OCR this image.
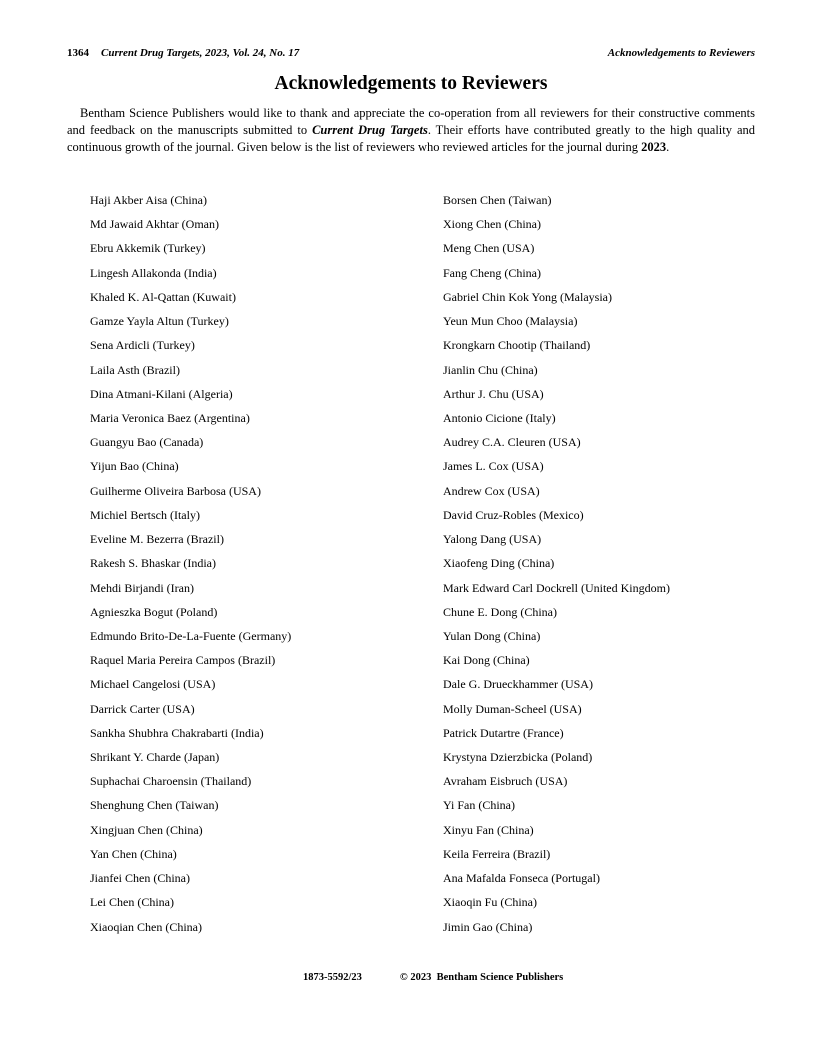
1364 Current Drug Targets, 2023, Vol. 24, No. 17	Acknowledgements to Reviewers
Acknowledgements to Reviewers

Bentham Science Publishers would like to thank and appreciate the co-operation from all reviewers for their constructive comments and feedback on the manuscripts submitted to Current Drug Targets. Their efforts have contributed greatly to the high quality and continuous growth of the journal. Given below is the list of reviewers who reviewed articles for the journal during 2023.

Haji Akber Aisa (China)
Md Jawaid Akhtar (Oman)
Ebru Akkemik (Turkey)
Lingesh Allakonda (India)
Khaled K. Al-Qattan (Kuwait)
Gamze Yayla Altun (Turkey)
Sena Ardicli (Turkey)
Laila Asth (Brazil)
Dina Atmani-Kilani (Algeria)
Maria Veronica Baez (Argentina)
Guangyu Bao (Canada)
Yijun Bao (China)
Guilherme Oliveira Barbosa (USA)
Michiel Bertsch (Italy)
Eveline M. Bezerra (Brazil)
Rakesh S. Bhaskar (India)
Mehdi Birjandi (Iran)
Agnieszka Bogut (Poland)
Edmundo Brito-De-La-Fuente (Germany)
Raquel Maria Pereira Campos (Brazil)
Michael Cangelosi (USA)
Darrick Carter (USA)
Sankha Shubhra Chakrabarti (India)
Shrikant Y. Charde (Japan)
Suphachai Charoensin (Thailand)
Shenghung Chen (Taiwan)
Xingjuan Chen (China)
Yan Chen (China)
Jianfei Chen (China)
Lei Chen (China)
Xiaoqian Chen (China)
Borsen Chen (Taiwan)
Xiong Chen (China)
Meng Chen (USA)
Fang Cheng (China)
Gabriel Chin Kok Yong (Malaysia)
Yeun Mun Choo (Malaysia)
Krongkarn Chootip (Thailand)
Jianlin Chu (China)
Arthur J. Chu (USA)
Antonio Cicione (Italy)
Audrey C.A. Cleuren (USA)
James L. Cox (USA)
Andrew Cox (USA)
David Cruz-Robles (Mexico)
Yalong Dang (USA)
Xiaofeng Ding (China)
Mark Edward Carl Dockrell (United Kingdom)
Chune E. Dong (China)
Yulan Dong (China)
Kai Dong (China)
Dale G. Drueckhammer (USA)
Molly Duman-Scheel (USA)
Patrick Dutartre (France)
Krystyna Dzierzbicka (Poland)
Avraham Eisbruch (USA)
Yi Fan (China)
Xinyu Fan (China)
Keila Ferreira (Brazil)
Ana Mafalda Fonseca (Portugal)
Xiaoqin Fu (China)
Jimin Gao (China)
1873-5592/23	© 2023  Bentham Science Publishers
